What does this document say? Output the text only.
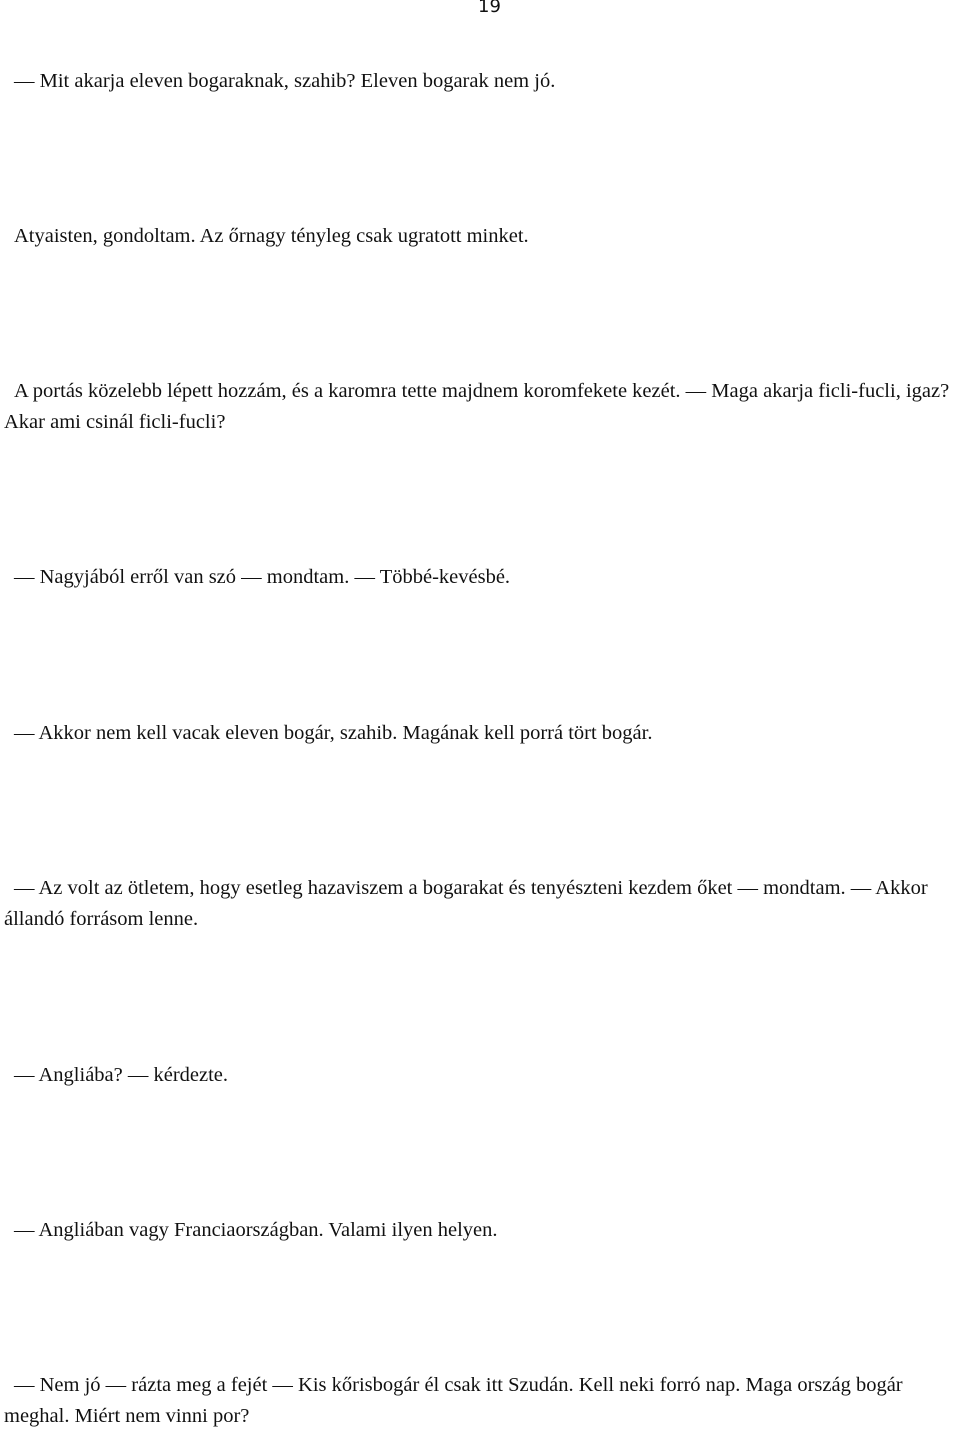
19

― Mit akarja eleven bogaraknak, szahib? Eleven bogarak nem jó.

Atyaisten, gondoltam. Az őrnagy tényleg csak ugratott minket.

A portás közelebb lépett hozzám, és a karomra tette majdnem koromfekete kezét. ― Maga akarja ficli-fucli, igaz? Akar ami csinál ficli-fucli?

― Nagyjából erről van szó ― mondtam. ― Többé-kevésbé.

― Akkor nem kell vacak eleven bogár, szahib. Magának kell porrá tört bogár.

― Az volt az ötletem, hogy esetleg hazaviszem a bogarakat és tenyészteni kezdem őket ― mondtam. ― Akkor állandó forrásom lenne.

― Angliába? ― kérdezte.

― Angliában vagy Franciaországban. Valami ilyen helyen.

― Nem jó ― rázta meg a fejét ― Kis kőrisbogár él csak itt Szudán. Kell neki forró nap. Maga ország bogár meghal. Miért nem vinni por?
